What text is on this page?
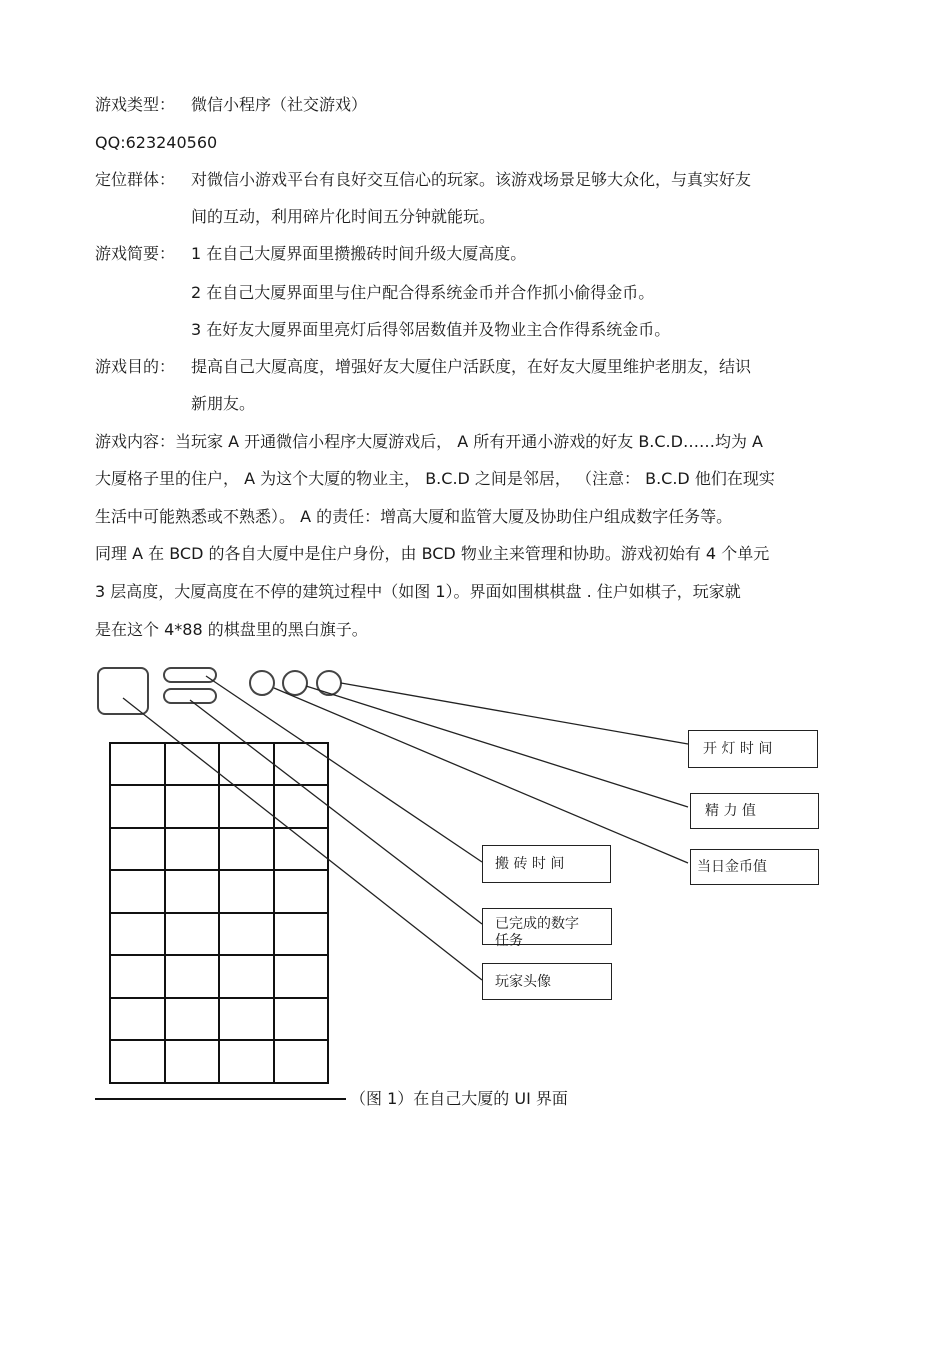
游戏类型： 微信小程序（社交游戏）
QQ:623240560
定位群体： 对微信小游戏平台有良好交互信心的玩家。该游戏场景足够大众化，与真实好友
间的互动，利用碎片化时间五分钟就能玩。
游戏简要： 1 在自己大厦界面里攒搬砖时间升级大厦高度。
2 在自己大厦界面里与住户配合得系统金币并合作抓小偷得金币。
3 在好友大厦界面里亮灯后得邻居数值并及物业主合作得系统金币。
游戏目的： 提高自己大厦高度，增强好友大厦住户活跃度，在好友大厦里维护老朋友，结识
新朋友。
游戏内容：当玩家 A 开通微信小程序大厦游戏后， A 所有开通小游戏的好友 B.C.D……均为 A
大厦格子里的住户， A 为这个大厦的物业主， B.C.D 之间是邻居， （注意： B.C.D 他们在现实
生活中可能熟悉或不熟悉）。 A 的责任：增高大厦和监管大厦及协助住户组成数字任务等。
同理 A 在 BCD 的各自大厦中是住户身份，由 BCD 物业主来管理和协助。游戏初始有 4 个单元
3 层高度，大厦高度在不停的建筑过程中（如图 1）。界面如围棋棋盘 . 住户如棋子，玩家就
是在这个 4*88 的棋盘里的黑白旗子。
开 灯 时 间
精 力 值
当日金币值
搬 砖 时 间
已完成的数字
任务
玩家头像
（图 1）在自己大厦的 UI 界面
